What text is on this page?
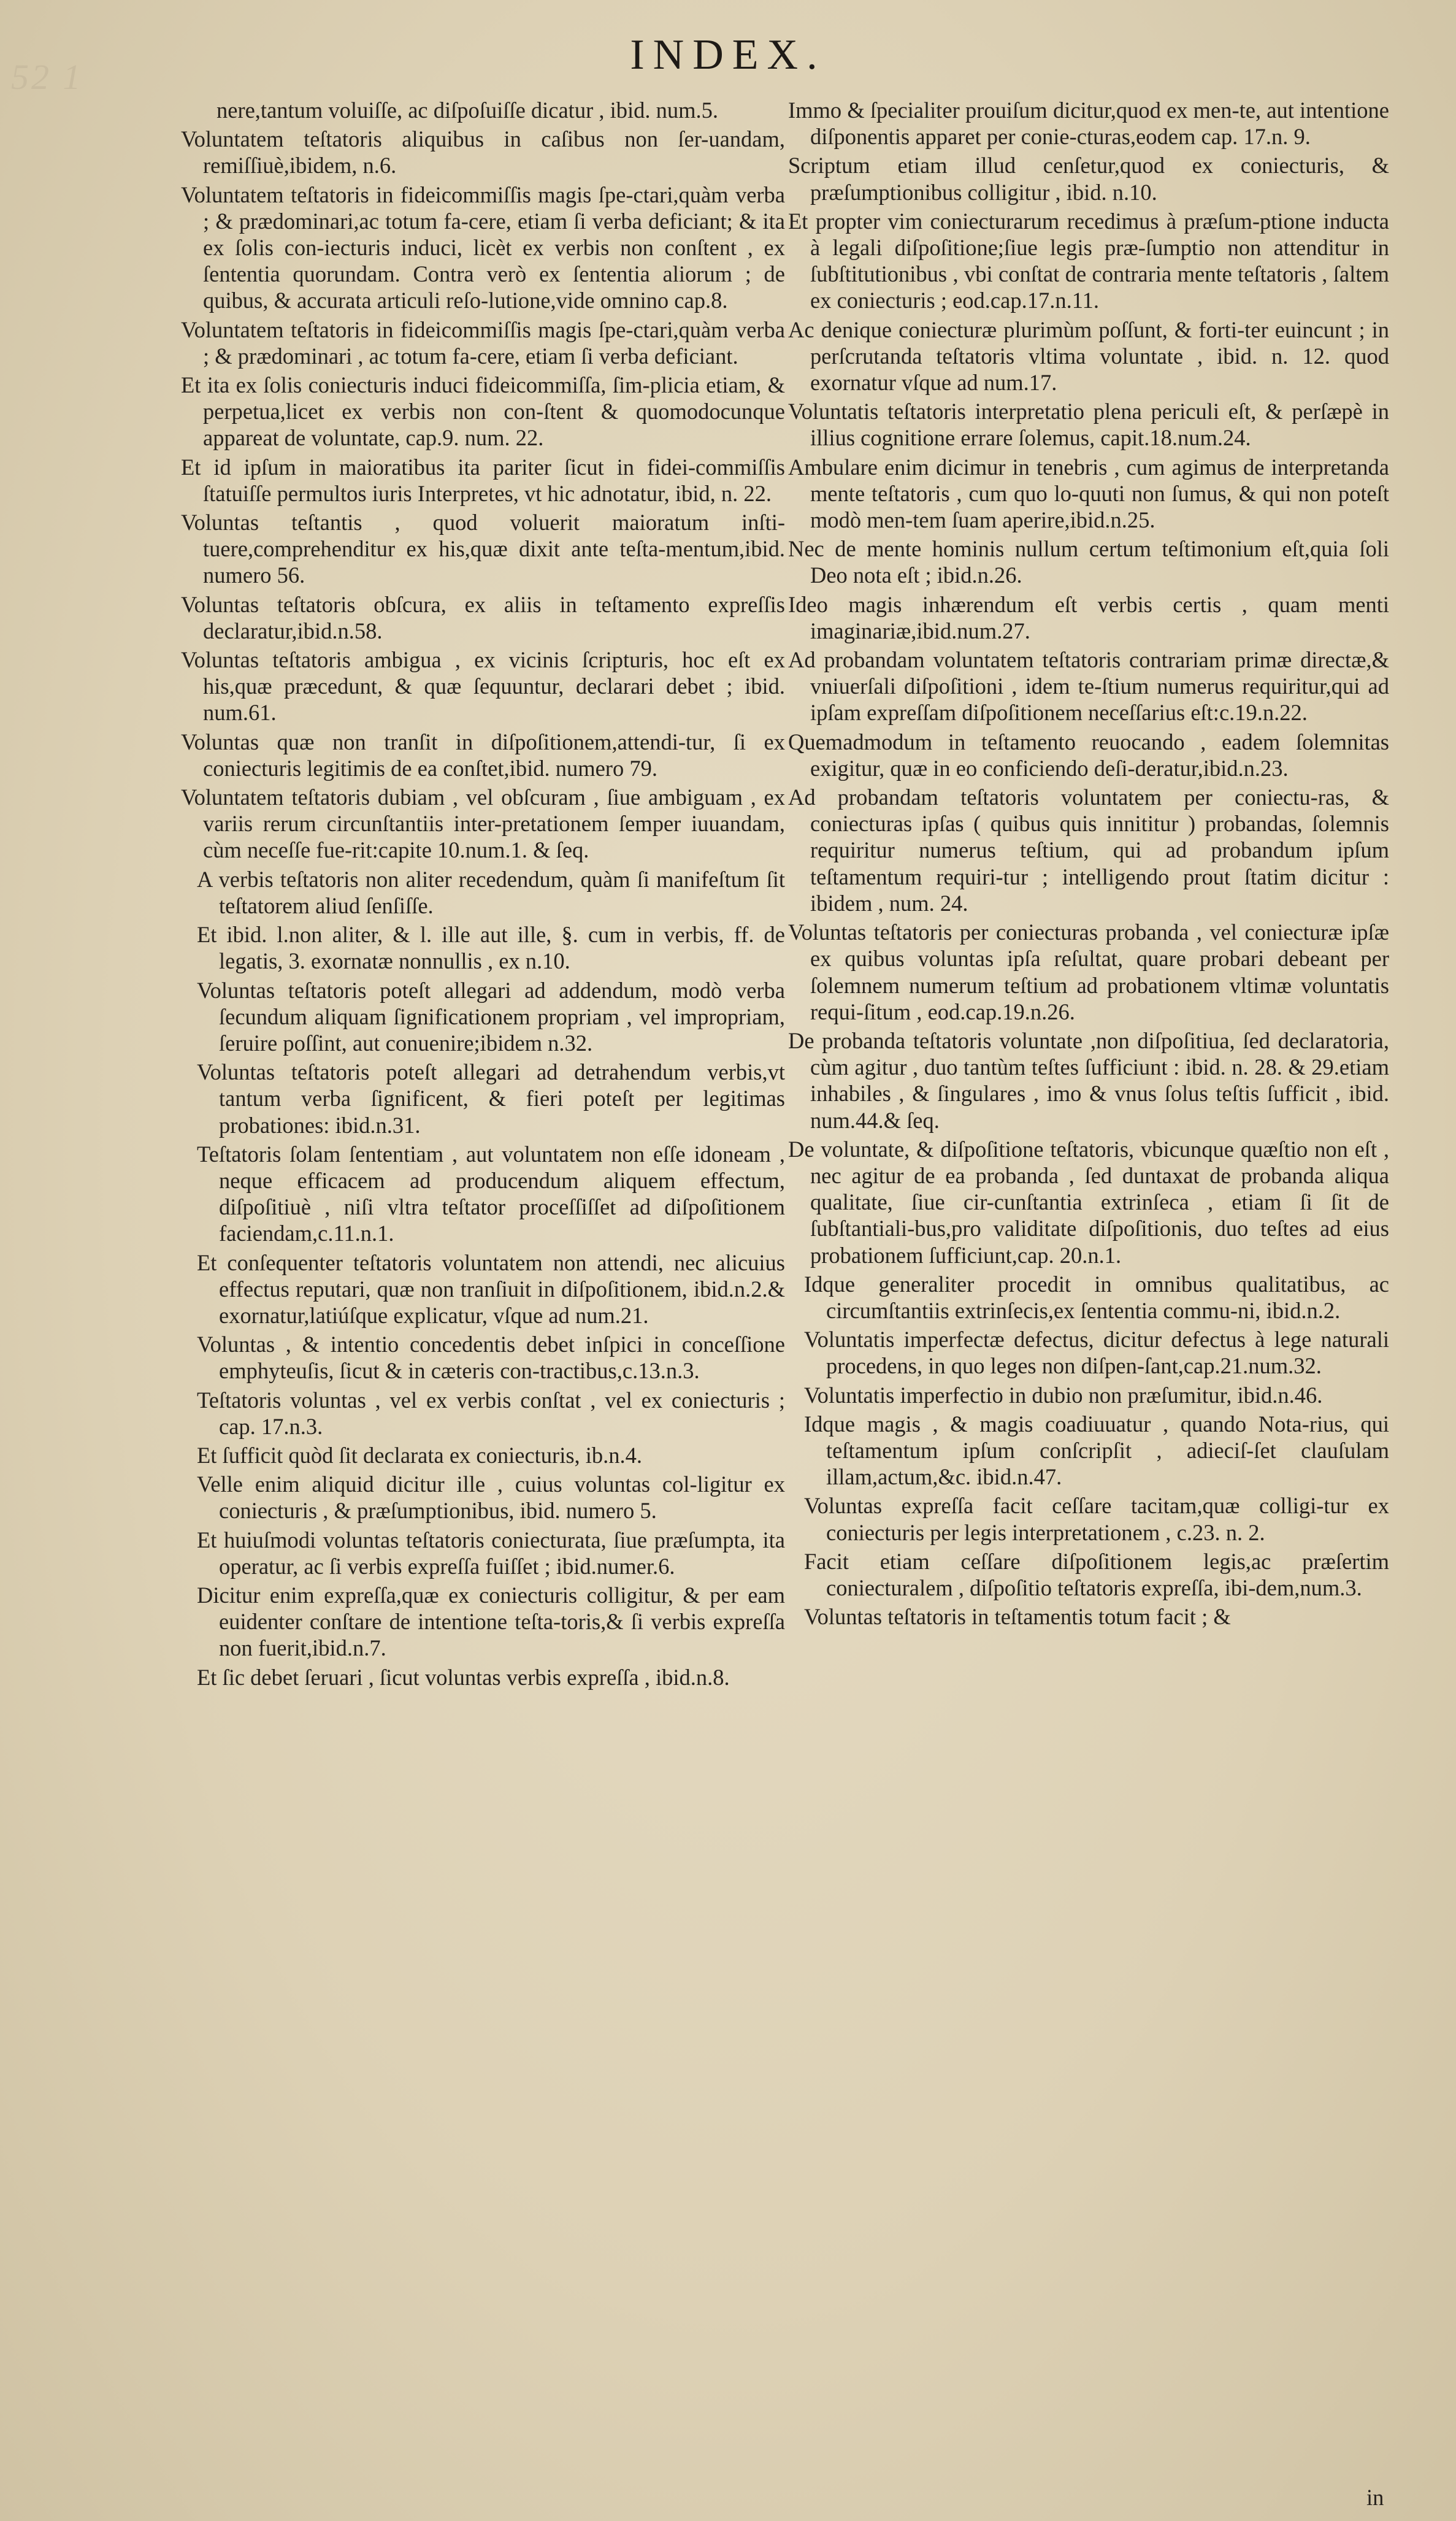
52 1	INDEX.

nere,tantum voluiſſe, ac diſpoſuiſſe dicatur , ibid. num.5.

Voluntatem teſtatoris aliquibus in caſibus non ſer-uandam, remiſſiuè,ibidem, n.6.

Voluntatem teſtatoris in fideicommiſſis magis ſpe-ctari,quàm verba ; & prædominari,ac totum fa-cere, etiam ſi verba deficiant; & ita ex ſolis con-iecturis induci, licèt ex verbis non conſtent , ex ſententia quorundam. Contra verò ex ſententia aliorum ; de quibus, & accurata articuli reſo-lutione,vide omnino cap.8.

Voluntatem teſtatoris in fideicommiſſis magis ſpe-ctari,quàm verba ; & prædominari , ac totum fa-cere, etiam ſi verba deficiant.

Et ita ex ſolis coniecturis induci fideicommiſſa, ſim-plicia etiam, & perpetua,licet ex verbis non con-ſtent & quomodocunque appareat de voluntate, cap.9. num. 22.

Et id ipſum in maioratibus ita pariter ſicut in fidei-commiſſis ſtatuiſſe permultos iuris Interpretes, vt hic adnotatur, ibid, n. 22.

Voluntas teſtantis , quod voluerit maioratum inſti-tuere,comprehenditur ex his,quæ dixit ante teſta-mentum,ibid. numero 56.

Voluntas teſtatoris obſcura, ex aliis in teſtamento expreſſis declaratur,ibid.n.58.

Voluntas teſtatoris ambigua , ex vicinis ſcripturis, hoc eſt ex his,quæ præcedunt, & quæ ſequuntur, declarari debet ; ibid. num.61.

Voluntas quæ non tranſit in diſpoſitionem,attendi-tur, ſi ex coniecturis legitimis de ea conſtet,ibid. numero 79.

Voluntatem teſtatoris dubiam , vel obſcuram , ſiue ambiguam , ex variis rerum circunſtantiis inter-pretationem ſemper iuuandam, cùm neceſſe fue-rit:capite 10.num.1. & ſeq.

A verbis teſtatoris non aliter recedendum, quàm ſi manifeſtum ſit teſtatorem aliud ſenſiſſe.

Et ibid. l.non aliter, & l. ille aut ille, §. cum in verbis, ff. de legatis, 3. exornatæ nonnullis , ex n.10.

Voluntas teſtatoris poteſt allegari ad addendum, modò verba ſecundum aliquam ſignificationem propriam , vel impropriam, ſeruire poſſint, aut conuenire;ibidem n.32.

Voluntas teſtatoris poteſt allegari ad detrahendum verbis,vt tantum verba ſignificent, & fieri poteſt per legitimas probationes: ibid.n.31.

Teſtatoris ſolam ſententiam , aut voluntatem non eſſe idoneam , neque efficacem ad producendum aliquem effectum, diſpoſitiuè , niſi vltra teſtator proceſſiſſet ad diſpoſitionem faciendam,c.11.n.1.

Et conſequenter teſtatoris voluntatem non attendi, nec alicuius effectus reputari, quæ non tranſiuit in diſpoſitionem, ibid.n.2.& exornatur,latiúſque explicatur, vſque ad num.21.

Voluntas , & intentio concedentis debet inſpici in conceſſione emphyteuſis, ſicut & in cæteris con-tractibus,c.13.n.3.

Teſtatoris voluntas , vel ex verbis conſtat , vel ex coniecturis ; cap. 17.n.3.

Et ſufficit quòd ſit declarata ex coniecturis, ib.n.4.

Velle enim aliquid dicitur ille , cuius voluntas col-ligitur ex coniecturis , & præſumptionibus, ibid. numero 5.

Et huiuſmodi voluntas teſtatoris coniecturata, ſiue præſumpta, ita operatur, ac ſi verbis expreſſa fuiſſet ; ibid.numer.6.

Dicitur enim expreſſa,quæ ex coniecturis colligitur, & per eam euidenter conſtare de intentione teſta-toris,& ſi verbis expreſſa non fuerit,ibid.n.7.

Et ſic debet ſeruari , ſicut voluntas verbis expreſſa , ibid.n.8.

Immo & ſpecialiter prouiſum dicitur,quod ex men-te, aut intentione diſponentis apparet per conie-cturas,eodem cap. 17.n. 9.

Scriptum etiam illud cenſetur,quod ex coniecturis, & præſumptionibus colligitur , ibid. n.10.

Et propter vim coniecturarum recedimus à præſum-ptione inducta à legali diſpoſitione;ſiue legis præ-ſumptio non attenditur in ſubſtitutionibus , vbi conſtat de contraria mente teſtatoris , ſaltem ex coniecturis ; eod.cap.17.n.11.

Ac denique coniecturæ plurimùm poſſunt, & forti-ter euincunt ; in perſcrutanda teſtatoris vltima voluntate , ibid. n. 12. quod exornatur vſque ad num.17.

Voluntatis teſtatoris interpretatio plena periculi eſt, & perſæpè in illius cognitione errare ſolemus, capit.18.num.24.

Ambulare enim dicimur in tenebris , cum agimus de interpretanda mente teſtatoris , cum quo lo-quuti non ſumus, & qui non poteſt modò men-tem ſuam aperire,ibid.n.25.

Nec de mente hominis nullum certum teſtimonium eſt,quia ſoli Deo nota eſt ; ibid.n.26.

Ideo magis inhærendum eſt verbis certis , quam menti imaginariæ,ibid.num.27.

Ad probandam voluntatem teſtatoris contrariam primæ directæ,& vniuerſali diſpoſitioni , idem te-ſtium numerus requiritur,qui ad ipſam expreſſam diſpoſitionem neceſſarius eſt:c.19.n.22.

Quemadmodum in teſtamento reuocando , eadem ſolemnitas exigitur, quæ in eo conficiendo deſi-deratur,ibid.n.23.

Ad probandam teſtatoris voluntatem per coniectu-ras, & coniecturas ipſas ( quibus quis innititur ) probandas, ſolemnis requiritur numerus teſtium, qui ad probandum ipſum teſtamentum requiri-tur ; intelligendo prout ſtatim dicitur : ibidem , num. 24.

Voluntas teſtatoris per coniecturas probanda , vel coniecturæ ipſæ ex quibus voluntas ipſa reſultat, quare probari debeant per ſolemnem numerum teſtium ad probationem vltimæ voluntatis requi-ſitum , eod.cap.19.n.26.

De probanda teſtatoris voluntate ,non diſpoſitiua, ſed declaratoria, cùm agitur , duo tantùm teſtes ſufficiunt : ibid. n. 28. & 29.etiam inhabiles , & ſingulares , imo & vnus ſolus teſtis ſufficit , ibid. num.44.& ſeq.

De voluntate, & diſpoſitione teſtatoris, vbicunque quæſtio non eſt , nec agitur de ea probanda , ſed duntaxat de probanda aliqua qualitate, ſiue cir-cunſtantia extrinſeca , etiam ſi ſit de ſubſtantiali-bus,pro validitate diſpoſitionis, duo teſtes ad eius probationem ſufficiunt,cap. 20.n.1.

Idque generaliter procedit in omnibus qualitatibus, ac circumſtantiis extrinſecis,ex ſententia commu-ni, ibid.n.2.

Voluntatis imperfectæ defectus, dicitur defectus à lege naturali procedens, in quo leges non diſpen-ſant,cap.21.num.32.

Voluntatis imperfectio in dubio non præſumitur, ibid.n.46.

Idque magis , & magis coadiuuatur , quando Nota-rius, qui teſtamentum ipſum conſcripſit , adieciſ-ſet clauſulam illam,actum,&c. ibid.n.47.

Voluntas expreſſa facit ceſſare tacitam,quæ colligi-tur ex coniecturis per legis interpretationem , c.23. n. 2.

Facit etiam ceſſare diſpoſitionem legis,ac præſertim coniecturalem , diſpoſitio teſtatoris expreſſa, ibi-dem,num.3.

Voluntas teſtatoris in teſtamentis totum facit ; &

in
